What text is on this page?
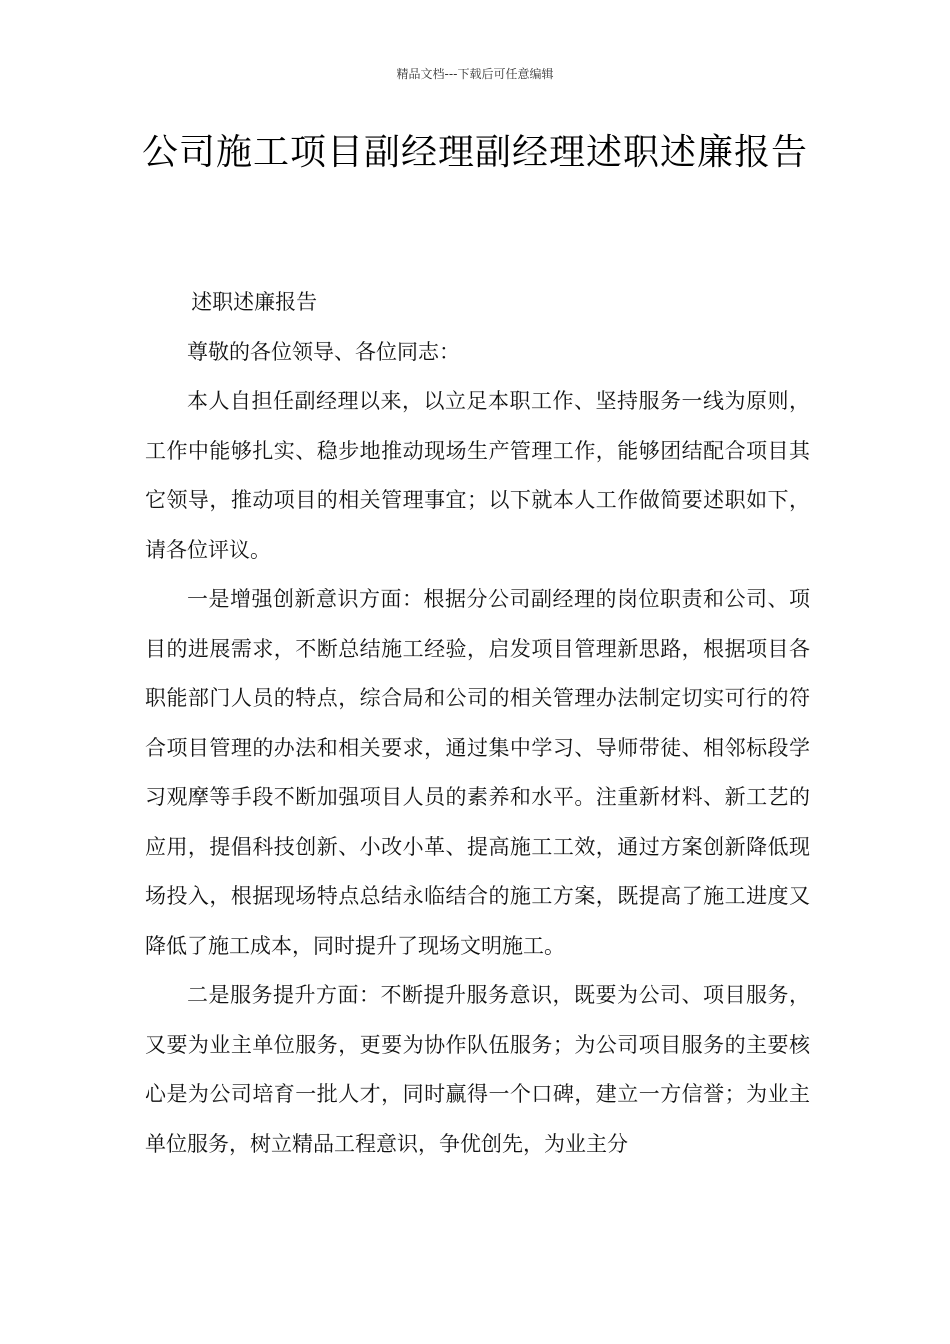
精品文档---下载后可任意编辑
公司施工项目副经理副经理述职述廉报告

述职述廉报告

尊敬的各位领导、各位同志：

本人自担任副经理以来，以立足本职工作、坚持服务一线为原则，工作中能够扎实、稳步地推动现场生产管理工作，能够团结配合项目其它领导，推动项目的相关管理事宜；以下就本人工作做简要述职如下，请各位评议。

一是增强创新意识方面：根据分公司副经理的岗位职责和公司、项目的进展需求，不断总结施工经验，启发项目管理新思路，根据项目各职能部门人员的特点，综合局和公司的相关管理办法制定切实可行的符合项目管理的办法和相关要求，通过集中学习、导师带徒、相邻标段学习观摩等手段不断加强项目人员的素养和水平。注重新材料、新工艺的应用，提倡科技创新、小改小革、提高施工工效，通过方案创新降低现场投入，根据现场特点总结永临结合的施工方案，既提高了施工进度又降低了施工成本，同时提升了现场文明施工。

二是服务提升方面：不断提升服务意识，既要为公司、项目服务，又要为业主单位服务，更要为协作队伍服务；为公司项目服务的主要核心是为公司培育一批人才，同时赢得一个口碑，建立一方信誉；为业主单位服务，树立精品工程意识，争优创先，为业主分
